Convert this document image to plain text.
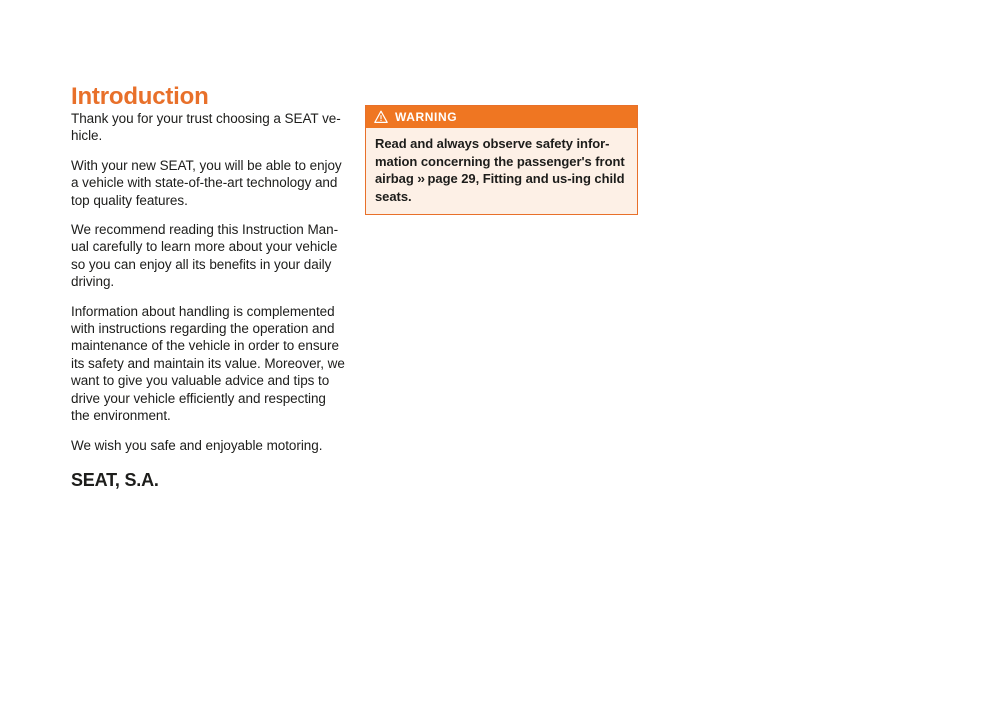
Introduction

Thank you for your trust choosing a SEAT ve-hicle.

With your new SEAT, you will be able to enjoy a vehicle with state-of-the-art technology and top quality features.

We recommend reading this Instruction Man-ual carefully to learn more about your vehicle so you can enjoy all its benefits in your daily driving.

Information about handling is complemented with instructions regarding the operation and maintenance of the vehicle in order to ensure its safety and maintain its value. Moreover, we want to give you valuable advice and tips to drive your vehicle efficiently and respecting the environment.

We wish you safe and enjoyable motoring.

SEAT, S.A.

WARNING
Read and always observe safety infor-mation concerning the passenger's front airbag ›› page 29, Fitting and us-ing child seats.
